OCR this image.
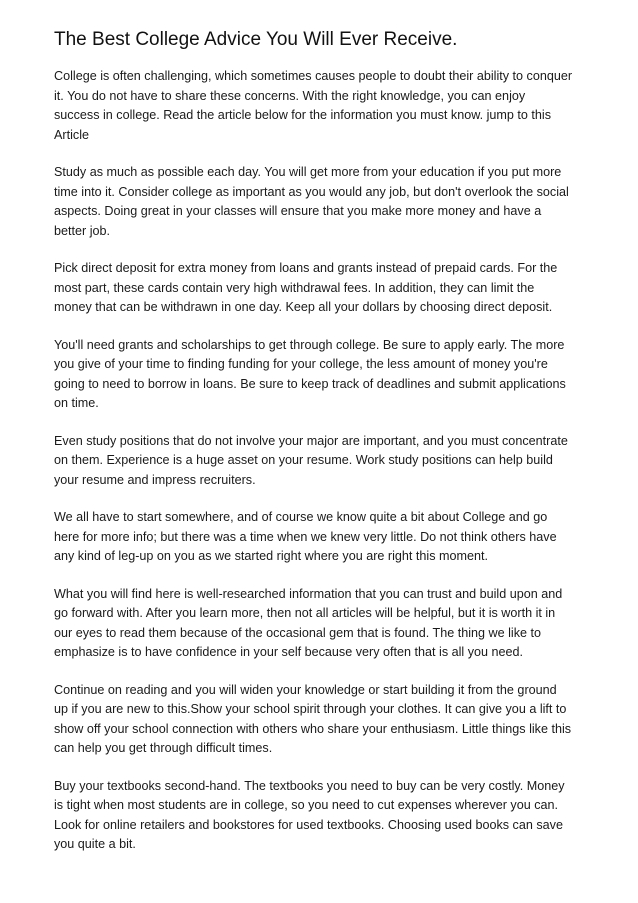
The Best College Advice You Will Ever Receive.
College is often challenging, which sometimes causes people to doubt their ability to conquer
it. You do not have to share these concerns. With the right knowledge, you can enjoy
success in college. Read the article below for the information you must know. jump to this
Article
Study as much as possible each day. You will get more from your education if you put more
time into it. Consider college as important as you would any job, but don't overlook the social
aspects. Doing great in your classes will ensure that you make more money and have a
better job.
Pick direct deposit for extra money from loans and grants instead of prepaid cards. For the
most part, these cards contain very high withdrawal fees. In addition, they can limit the
money that can be withdrawn in one day. Keep all your dollars by choosing direct deposit.
You'll need grants and scholarships to get through college. Be sure to apply early. The more
you give of your time to finding funding for your college, the less amount of money you're
going to need to borrow in loans. Be sure to keep track of deadlines and submit applications
on time.
Even study positions that do not involve your major are important, and you must concentrate
on them. Experience is a huge asset on your resume. Work study positions can help build
your resume and impress recruiters.
We all have to start somewhere, and of course we know quite a bit about College and go
here for more info; but there was a time when we knew very little. Do not think others have
any kind of leg-up on you as we started right where you are right this moment.
What you will find here is well-researched information that you can trust and build upon and
go forward with. After you learn more, then not all articles will be helpful, but it is worth it in
our eyes to read them because of the occasional gem that is found. The thing we like to
emphasize is to have confidence in your self because very often that is all you need.
Continue on reading and you will widen your knowledge or start building it from the ground
up if you are new to this.Show your school spirit through your clothes. It can give you a lift to
show off your school connection with others who share your enthusiasm. Little things like this
can help you get through difficult times.
Buy your textbooks second-hand. The textbooks you need to buy can be very costly. Money
is tight when most students are in college, so you need to cut expenses wherever you can.
Look for online retailers and bookstores for used textbooks. Choosing used books can save
you quite a bit.
